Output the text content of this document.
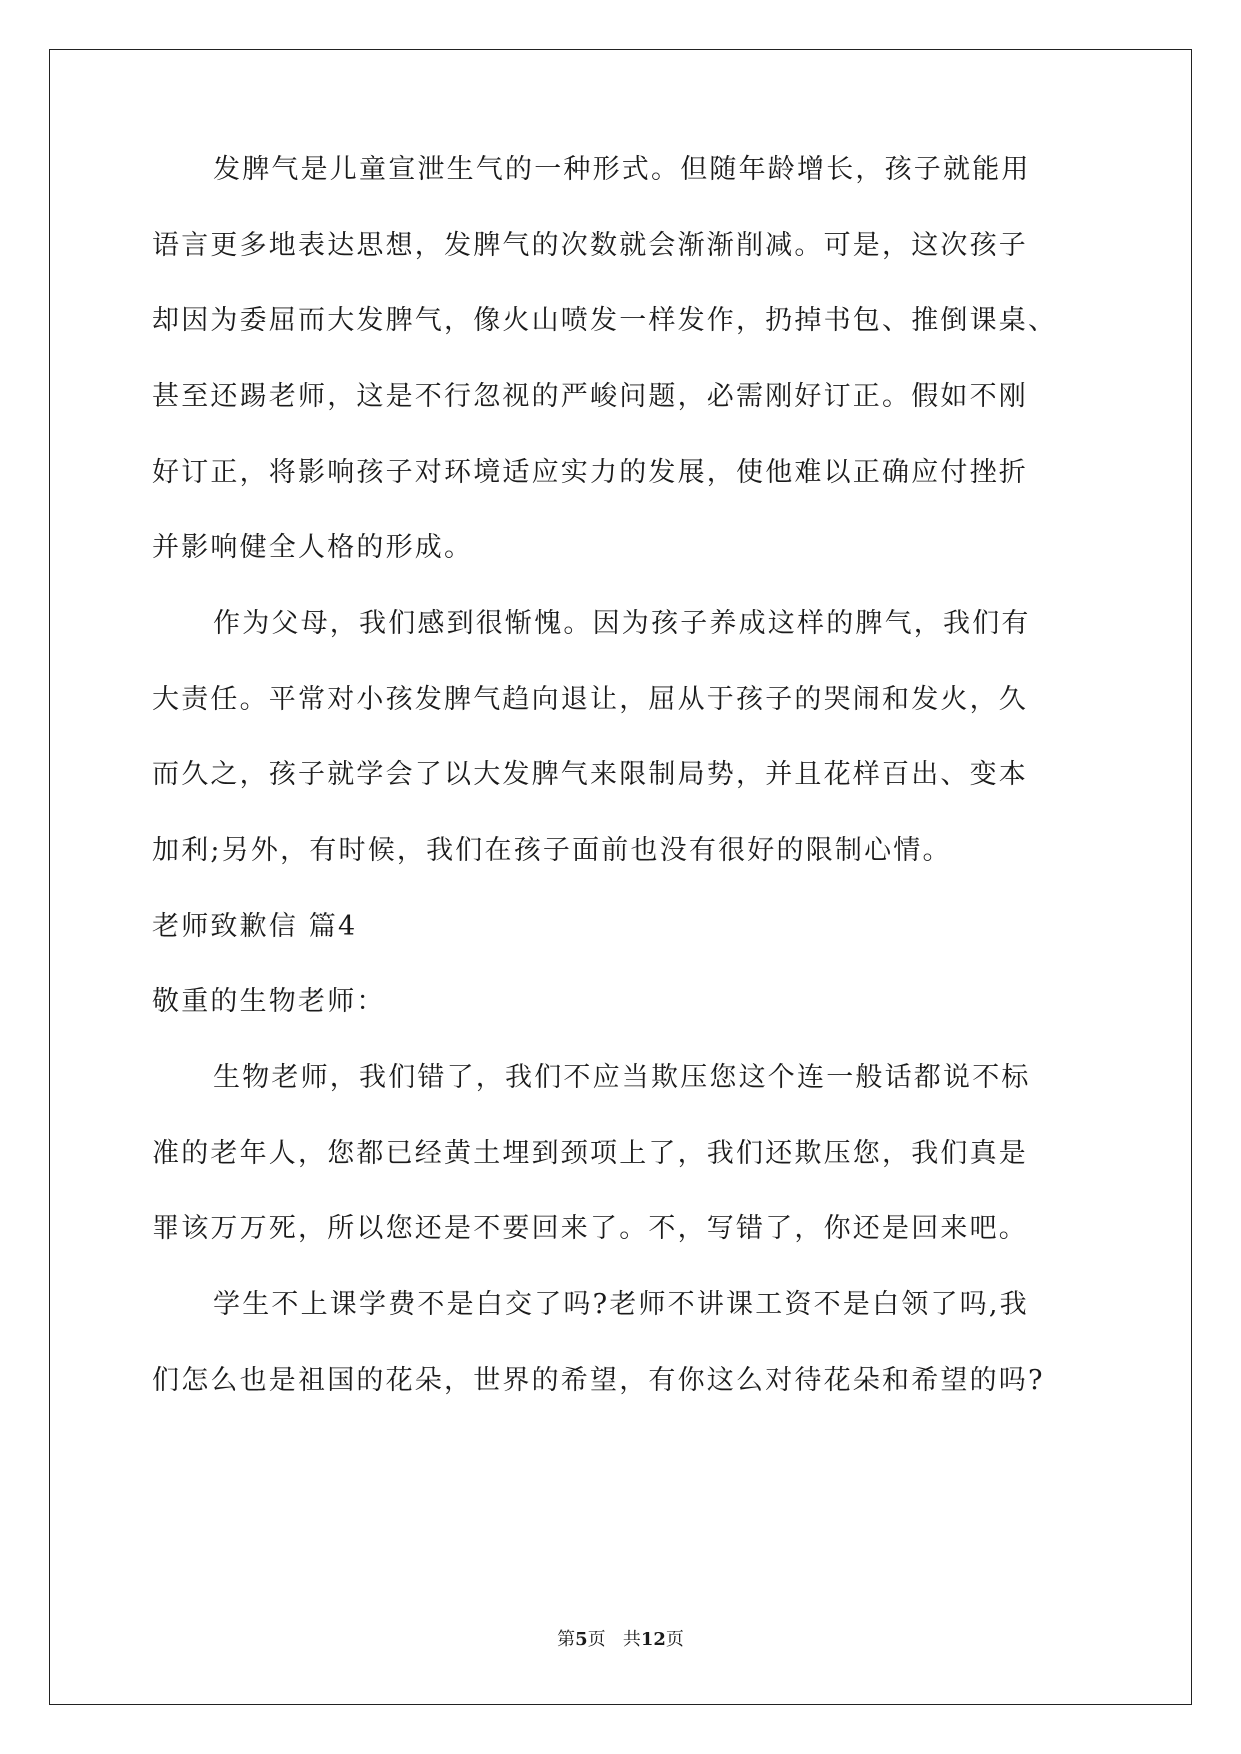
发脾气是儿童宣泄生气的一种形式。但随年龄增长，孩子就能用
语言更多地表达思想，发脾气的次数就会渐渐削减。可是，这次孩子
却因为委屈而大发脾气，像火山喷发一样发作，扔掉书包、推倒课桌、
甚至还踢老师，这是不行忽视的严峻问题，必需刚好订正。假如不刚
好订正，将影响孩子对环境适应实力的发展，使他难以正确应付挫折
并影响健全人格的形成。
作为父母，我们感到很惭愧。因为孩子养成这样的脾气，我们有
大责任。平常对小孩发脾气趋向退让，屈从于孩子的哭闹和发火，久
而久之，孩子就学会了以大发脾气来限制局势，并且花样百出、变本
加利;另外，有时候，我们在孩子面前也没有很好的限制心情。
老师致歉信 篇4
敬重的生物老师：
生物老师，我们错了，我们不应当欺压您这个连一般话都说不标
准的老年人，您都已经黄土埋到颈项上了，我们还欺压您，我们真是
罪该万万死，所以您还是不要回来了。不，写错了，你还是回来吧。
学生不上课学费不是白交了吗?老师不讲课工资不是白领了吗,我
们怎么也是祖国的花朵，世界的希望，有你这么对待花朵和希望的吗?
第5页 共12页
